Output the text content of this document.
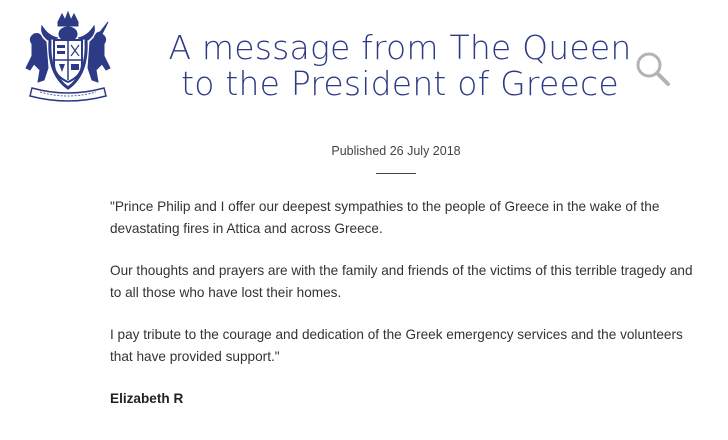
A message from The Queen
to the President of Greece
Published 26 July 2018

"Prince Philip and I offer our deepest sympathies to the people of Greece in the wake of the devastating fires in Attica and across Greece.

Our thoughts and prayers are with the family and friends of the victims of this terrible tragedy and to all those who have lost their homes.

I pay tribute to the courage and dedication of the Greek emergency services and the volunteers that have provided support."

Elizabeth R
